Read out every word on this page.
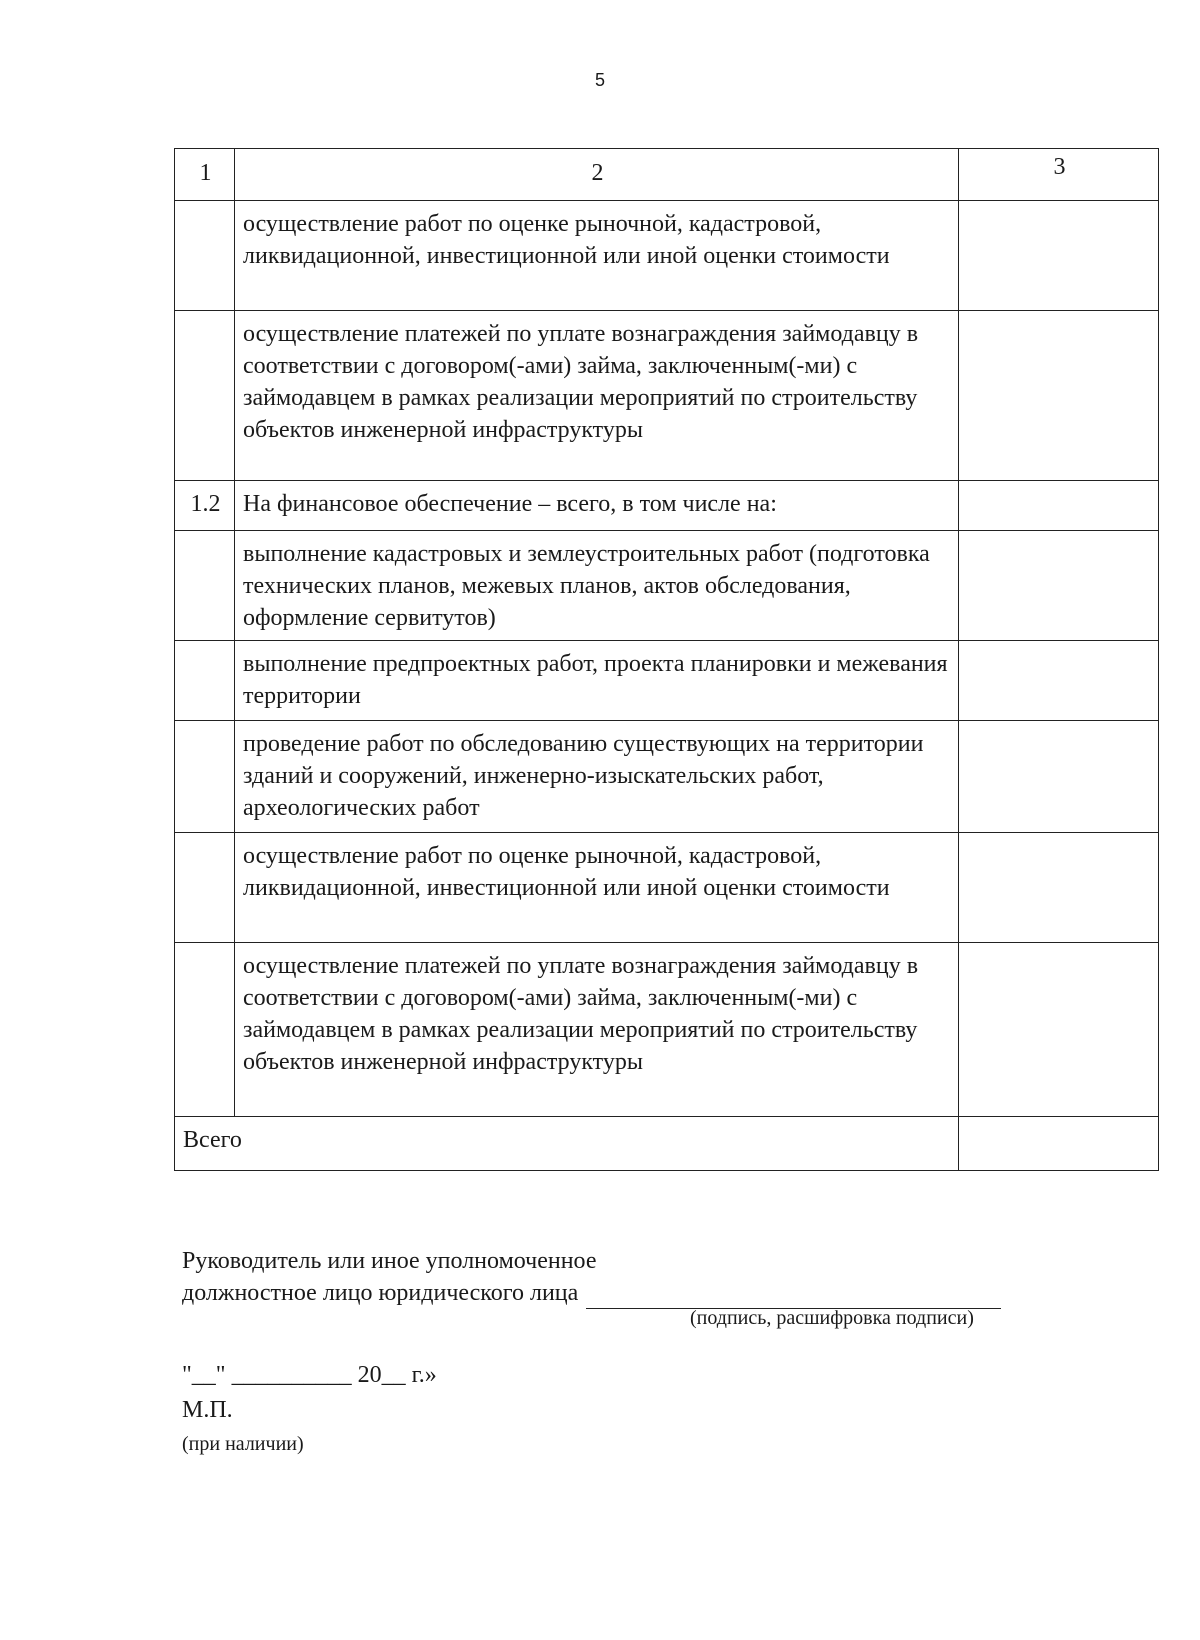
5
1	2	3
	осуществление работ по оценке рыночной, кадастровой, ликвидационной, инвестиционной или иной оценки стоимости	
	осуществление платежей по уплате вознаграждения займодавцу в соответствии с договором(-ами) займа, заключенным(-ми) с займодавцем в рамках реализации мероприятий по строительству объектов инженерной инфраструктуры	
1.2	На финансовое обеспечение – всего, в том числе на:	
	выполнение кадастровых и землеустроительных работ (подготовка технических планов, межевых планов, актов обследования, оформление сервитутов)	
	выполнение предпроектных работ, проекта планировки и межевания территории	
	проведение работ по обследованию существующих на территории зданий и сооружений, инженерно-изыскательских работ, археологических работ	
	осуществление работ по оценке рыночной, кадастровой, ликвидационной, инвестиционной или иной оценки стоимости	
	осуществление платежей по уплате вознаграждения займодавцу в соответствии с договором(-ами) займа, заключенным(-ми) с займодавцем в рамках реализации мероприятий по строительству объектов инженерной инфраструктуры	
Всего		
Руководитель или иное уполномоченное
должностное лицо юридического лица
(подпись, расшифровка подписи)
"__" __________ 20__ г.»
М.П.
(при наличии)
